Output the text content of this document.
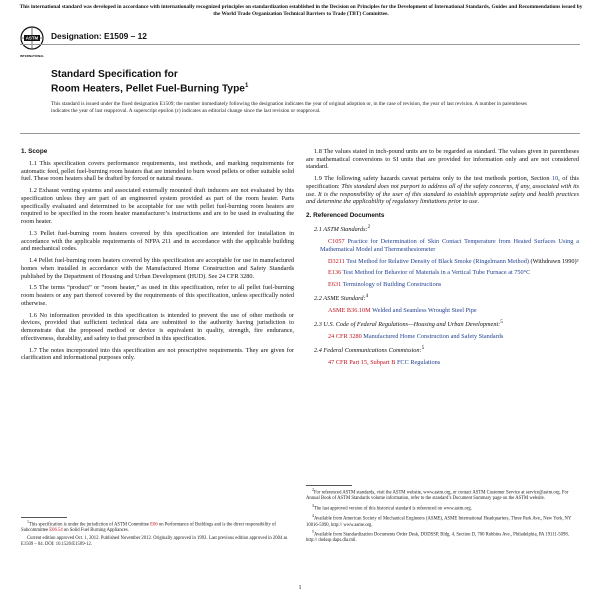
This international standard was developed in accordance with internationally recognized principles on standardization established in the Decision on Principles for the Development of International Standards, Guides and Recommendations issued by the World Trade Organization Technical Barriers to Trade (TBT) Committee.
ASTM
INTERNATIONAL
Designation: E1509 – 12
Standard Specification for
Room Heaters, Pellet Fuel-Burning Type$^1$
This standard is issued under the fixed designation E1509; the number immediately following the designation indicates the year of original adoption or, in the case of revision, the year of last revision. A number in parentheses indicates the year of last reapproval. A superscript epsilon (ε) indicates an editorial change since the last revision or reapproval.

1. Scope

1.1 This specification covers performance requirements, test methods, and marking requirements for automatic feed, pellet fuel-burning room heaters that are intended to burn wood pellets or other suitable solid fuel. These room heaters shall be drafted by forced or natural means.

1.2 Exhaust venting systems and associated externally mounted draft inducers are not evaluated by this specification unless they are part of an engineered system provided as part of the room heater. Parts specifically evaluated and determined to be acceptable for use with pellet fuel-burning room heaters are required to be specified in the room heater manufacturer’s instructions and are to be used in evaluating the room heater.

1.3 Pellet fuel-burning room heaters covered by this specification are intended for installation in accordance with the applicable requirements of NFPA 211 and in accordance with the applicable building and mechanical codes.

1.4 Pellet fuel-burning room heaters covered by this specification are acceptable for use in manufactured homes when installed in accordance with the Manufactured Home Construction and Safety Standards published by the Department of Housing and Urban Development (HUD). See 24 CFR 3280.

1.5 The terms “product” or “room heater,” as used in this specification, refer to all pellet fuel-burning room heaters or any part thereof covered by the requirements of this specification, unless specifically noted otherwise.

1.6 No information provided in this specification is intended to prevent the use of other methods or devices, provided that sufficient technical data are submitted to the authority having jurisdiction to demonstrate that the proposed method or device is equivalent in quality, strength, fire endurance, effectiveness, durability, and safety to that prescribed in this specification.

1.7 The notes incorporated into this specification are not prescriptive requirements. They are given for clarification and informational purposes only.

$^1$This specification is under the jurisdiction of ASTM Committee E06 on Performance of Buildings and is the direct responsibility of Subcommittee E06.54 on Solid Fuel Burning Appliances.

Current edition approved Oct. 1, 2012. Published November 2012. Originally approved in 1993. Last previous edition approved in 2004 as E1509 – 04. DOI: 10.1520/E1509-12.

1.8 The values stated in inch-pound units are to be regarded as standard. The values given in parentheses are mathematical conversions to SI units that are provided for information only and are not considered standard.

1.9 The following safety hazards caveat pertains only to the test methods portion, Section 10, of this specification: This standard does not purport to address all of the safety concerns, if any, associated with its use. It is the responsibility of the user of this standard to establish appropriate safety and health practices and determine the applicability of regulatory limitations prior to use.

2. Referenced Documents

2.1 ASTM Standards:$^2$

C1057 Practice for Determination of Skin Contact Temperature from Heated Surfaces Using a Mathematical Model and Thermesthesiometer

D3211 Test Method for Relative Density of Black Smoke (Ringelmann Method) (Withdrawn 1990)³

E136 Test Method for Behavior of Materials in a Vertical Tube Furnace at 750°C

E631 Terminology of Building Constructions

2.2 ASME Standard:$^4$

ASME B36.10M Welded and Seamless Wrought Steel Pipe

2.3 U.S. Code of Federal Regulations—Housing and Urban Development:$^5$

24 CFR 3280 Manufactured Home Construction and Safety Standards

2.4 Federal Communications Commission:$^5$

47 CFR Part 15, Subpart B FCC Regulations

$^2$For referenced ASTM standards, visit the ASTM website, www.astm.org, or contact ASTM Customer Service at service@astm.org. For Annual Book of ASTM Standards volume information, refer to the standard’s Document Summary page on the ASTM website.

$^3$The last approved version of this historical standard is referenced on www.astm.org.

$^4$Available from American Society of Mechanical Engineers (ASME), ASME International Headquarters, Three Park Ave., New York, NY 10016-5990, http:// www.asme.org.

$^5$Available from Standardization Documents Order Desk, DODSSP, Bldg. 4, Section D, 700 Robbins Ave., Philadelphia, PA 19111-5098, http:// dodssp.daps.dla.mil.

1
